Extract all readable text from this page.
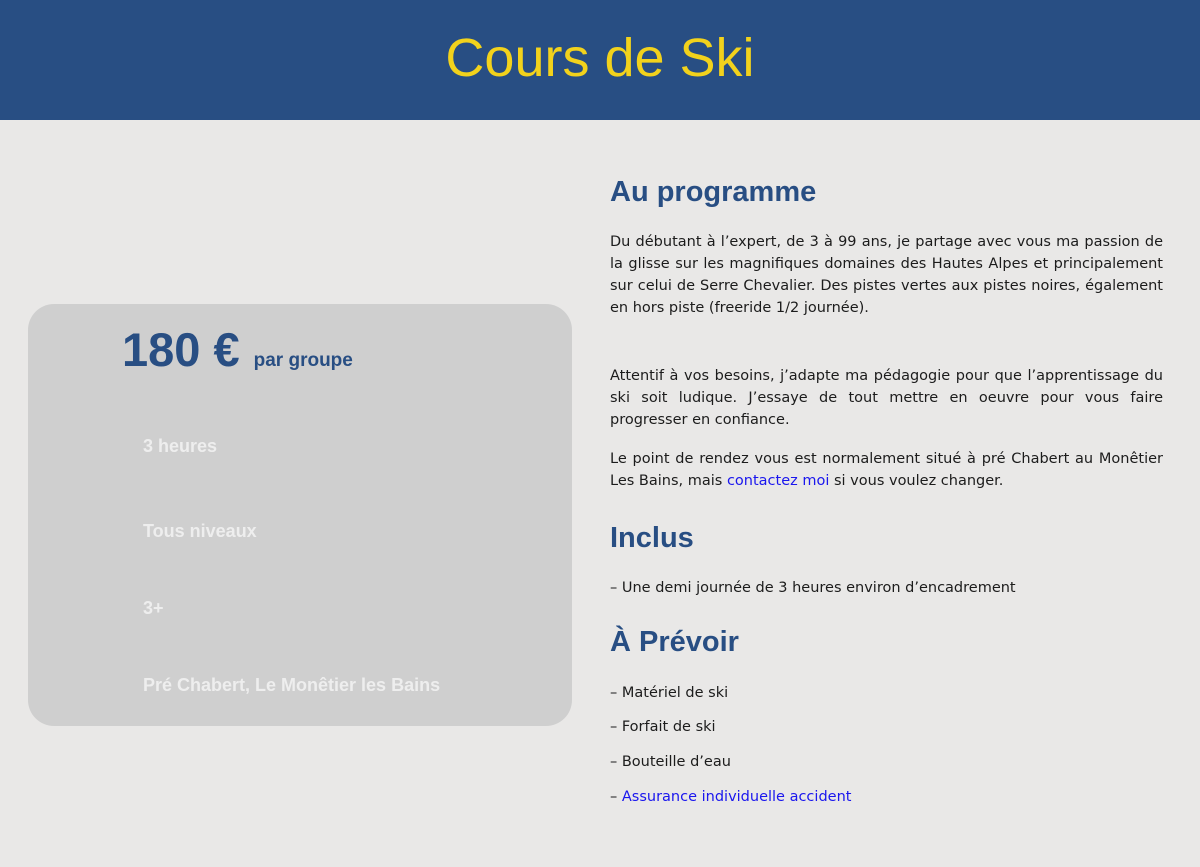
Cours de Ski
180 € par groupe
3 heures
Tous niveaux
3+
Pré Chabert, Le Monêtier les Bains
Au programme

Du débutant à l’expert, de 3 à 99 ans, je partage avec vous ma passion de la glisse sur les magnifiques domaines des Hautes Alpes et principalement sur celui de Serre Chevalier. Des pistes vertes aux pistes noires, également en hors piste (freeride 1/2 journée).

Attentif à vos besoins, j’adapte ma pédagogie pour que l’apprentissage du ski soit ludique. J’essaye de tout mettre en oeuvre pour vous faire progresser en confiance.

Le point de rendez vous est normalement situé à pré Chabert au Monêtier Les Bains, mais contactez moi si vous voulez changer.

Inclus

– Une demi journée de 3 heures environ d’encadrement

À Prévoir

– Matériel de ski

– Forfait de ski

– Bouteille d’eau

– Assurance individuelle accident
